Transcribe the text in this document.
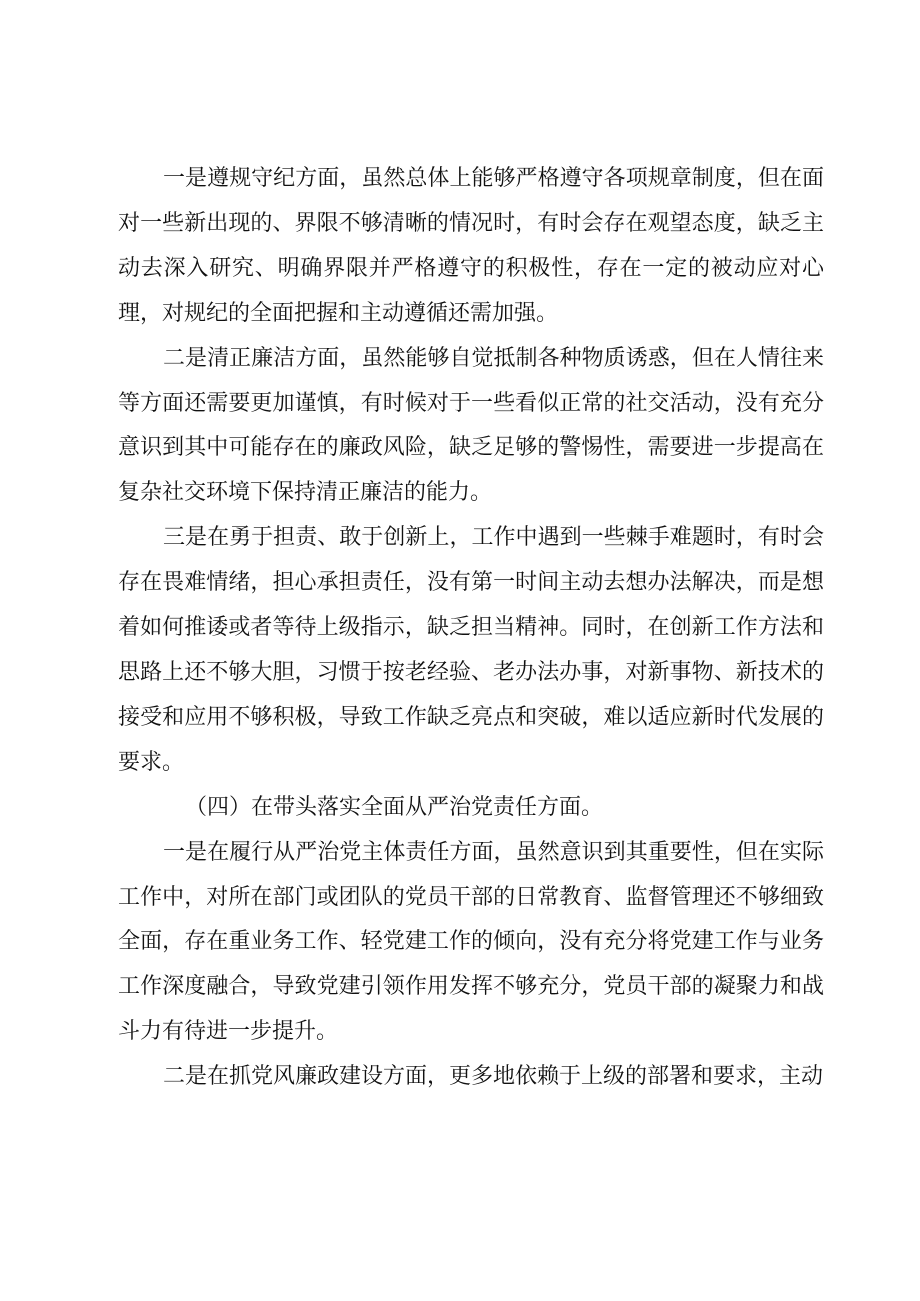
一是遵规守纪方面，虽然总体上能够严格遵守各项规章制度，但在面对一些新出现的、界限不够清晰的情况时，有时会存在观望态度，缺乏主动去深入研究、明确界限并严格遵守的积极性，存在一定的被动应对心理，对规纪的全面把握和主动遵循还需加强。

二是清正廉洁方面，虽然能够自觉抵制各种物质诱惑，但在人情往来等方面还需要更加谨慎，有时候对于一些看似正常的社交活动，没有充分意识到其中可能存在的廉政风险，缺乏足够的警惕性，需要进一步提高在复杂社交环境下保持清正廉洁的能力。

三是在勇于担责、敢于创新上，工作中遇到一些棘手难题时，有时会存在畏难情绪，担心承担责任，没有第一时间主动去想办法解决，而是想着如何推诿或者等待上级指示，缺乏担当精神。同时，在创新工作方法和思路上还不够大胆，习惯于按老经验、老办法办事，对新事物、新技术的接受和应用不够积极，导致工作缺乏亮点和突破，难以适应新时代发展的要求。

（四）在带头落实全面从严治党责任方面。

一是在履行从严治党主体责任方面，虽然意识到其重要性，但在实际工作中，对所在部门或团队的党员干部的日常教育、监督管理还不够细致全面，存在重业务工作、轻党建工作的倾向，没有充分将党建工作与业务工作深度融合，导致党建引领作用发挥不够充分，党员干部的凝聚力和战斗力有待进一步提升。

二是在抓党风廉政建设方面，更多地依赖于上级的部署和要求，主动
